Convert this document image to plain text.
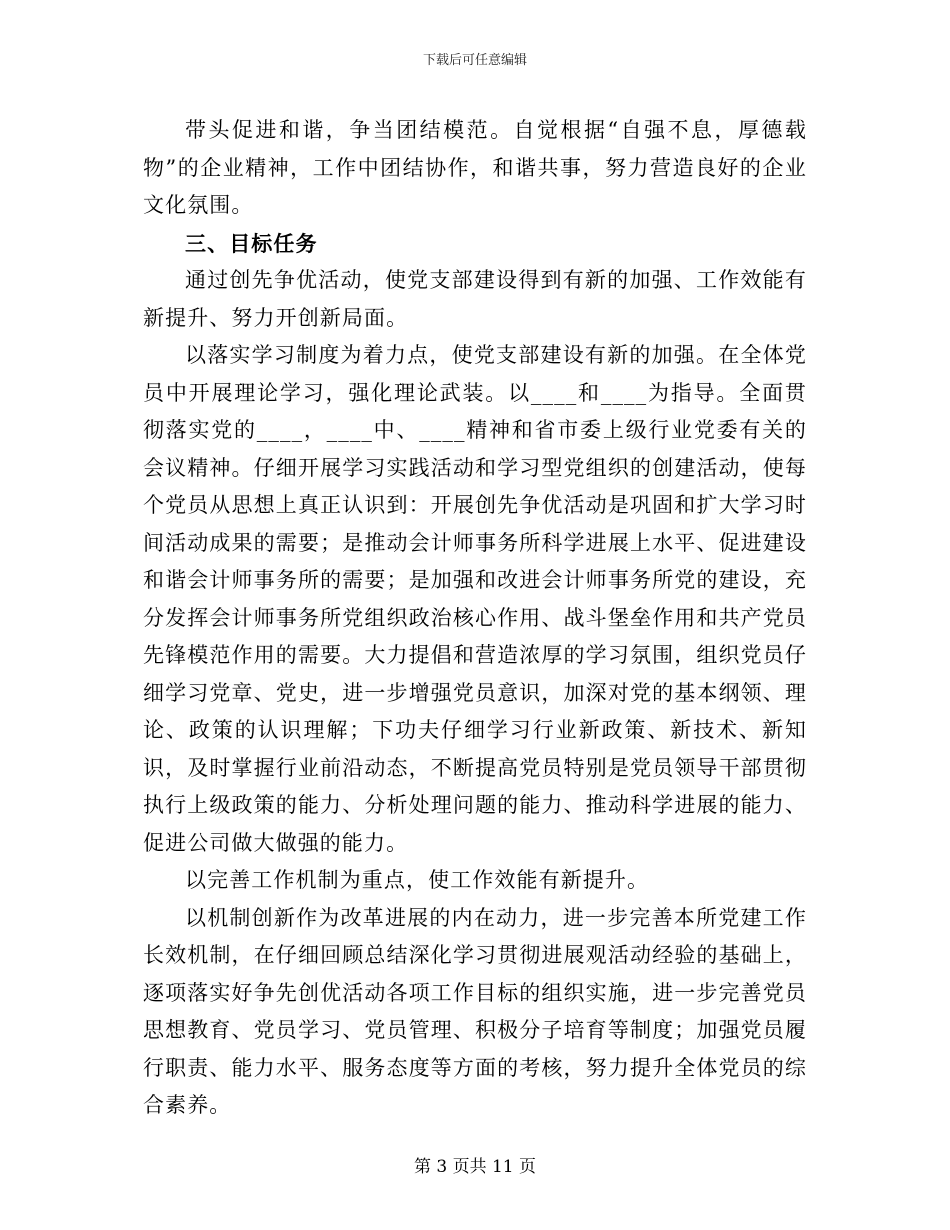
下载后可任意编辑

带头促进和谐，争当团结模范。自觉根据“自强不息，厚德载物”的企业精神，工作中团结协作，和谐共事，努力营造良好的企业文化氛围。

三、目标任务

通过创先争优活动，使党支部建设得到有新的加强、工作效能有新提升、努力开创新局面。

以落实学习制度为着力点，使党支部建设有新的加强。在全体党员中开展理论学习，强化理论武装。以____和____为指导。全面贯彻落实党的____，____中、____精神和省市委上级行业党委有关的会议精神。仔细开展学习实践活动和学习型党组织的创建活动，使每个党员从思想上真正认识到：开展创先争优活动是巩固和扩大学习时间活动成果的需要；是推动会计师事务所科学进展上水平、促进建设和谐会计师事务所的需要；是加强和改进会计师事务所党的建设，充分发挥会计师事务所党组织政治核心作用、战斗堡垒作用和共产党员先锋模范作用的需要。大力提倡和营造浓厚的学习氛围，组织党员仔细学习党章、党史，进一步增强党员意识，加深对党的基本纲领、理论、政策的认识理解；下功夫仔细学习行业新政策、新技术、新知识，及时掌握行业前沿动态，不断提高党员特别是党员领导干部贯彻执行上级政策的能力、分析处理问题的能力、推动科学进展的能力、促进公司做大做强的能力。

以完善工作机制为重点，使工作效能有新提升。

以机制创新作为改革进展的内在动力，进一步完善本所党建工作长效机制，在仔细回顾总结深化学习贯彻进展观活动经验的基础上，逐项落实好争先创优活动各项工作目标的组织实施，进一步完善党员思想教育、党员学习、党员管理、积极分子培育等制度；加强党员履行职责、能力水平、服务态度等方面的考核，努力提升全体党员的综合素养。

第 3 页共 11 页
